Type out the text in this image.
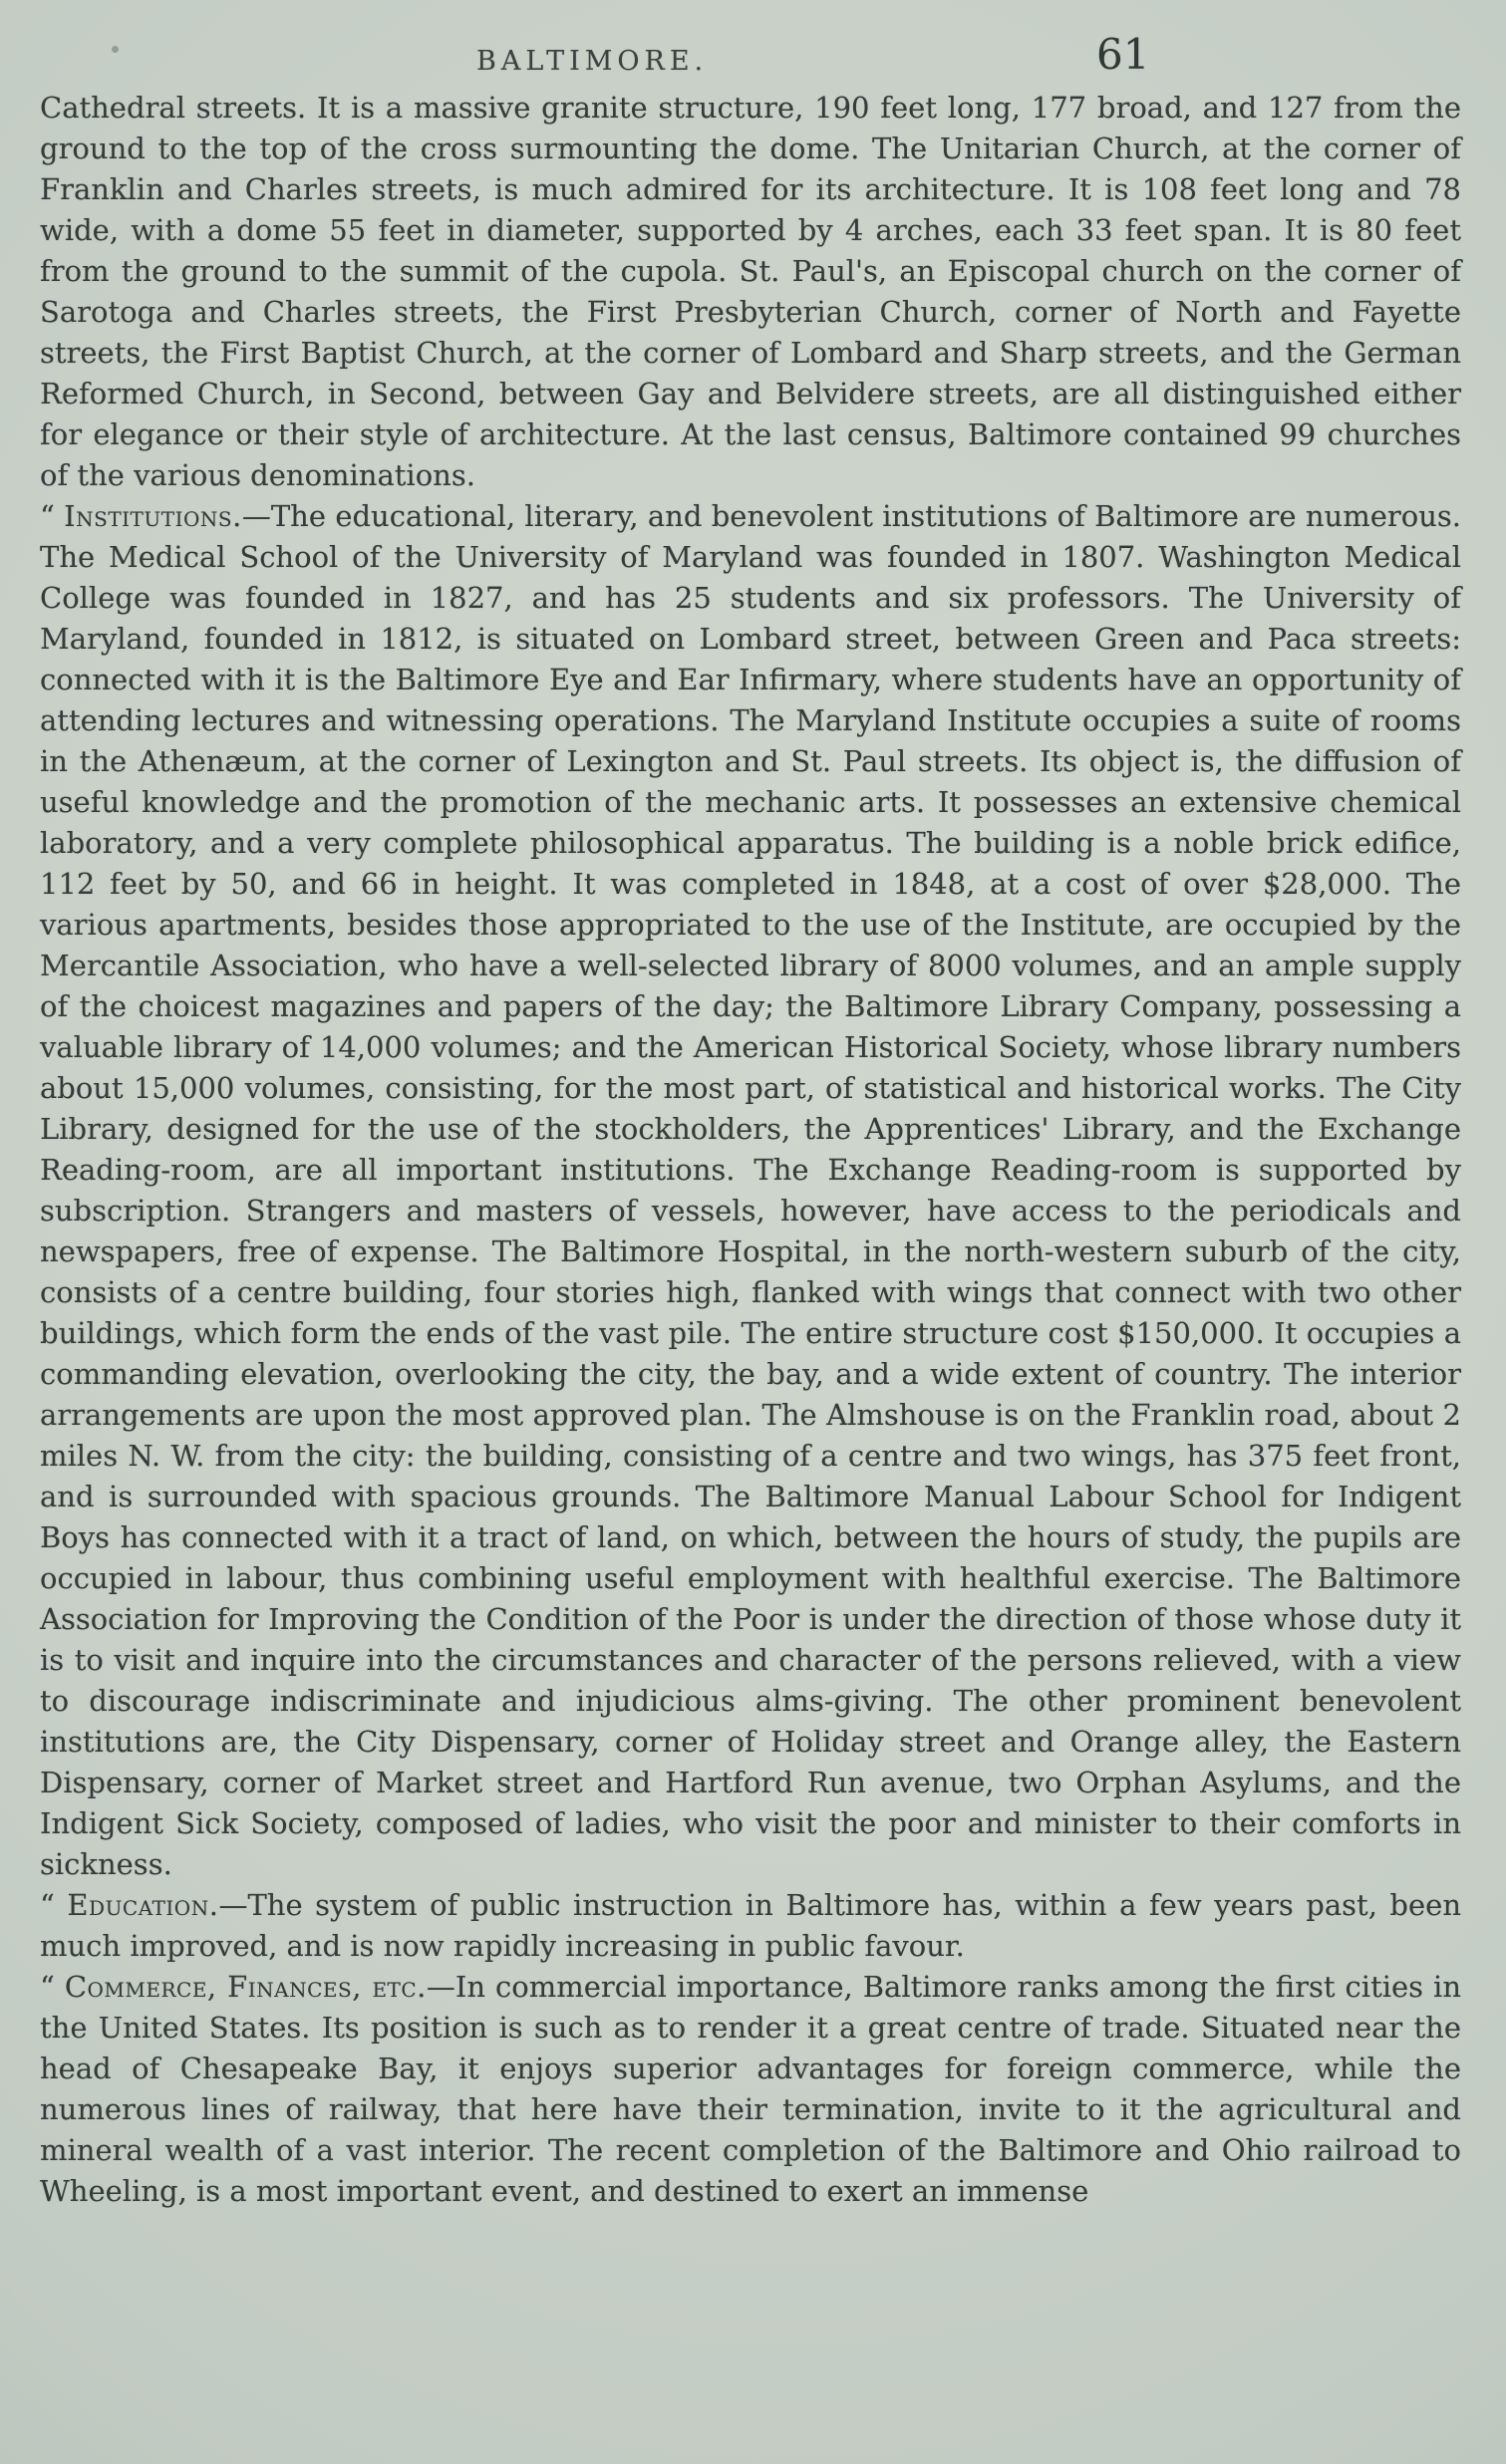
BALTIMORE.	61

Cathedral streets. It is a massive granite structure, 190 feet long, 177 broad, and 127 from the ground to the top of the cross surmounting the dome. The Unitarian Church, at the corner of Franklin and Charles streets, is much admired for its architecture. It is 108 feet long and 78 wide, with a dome 55 feet in diameter, supported by 4 arches, each 33 feet span. It is 80 feet from the ground to the summit of the cupola. St. Paul's, an Episcopal church on the corner of Sarotoga and Charles streets, the First Presbyterian Church, corner of North and Fayette streets, the First Baptist Church, at the corner of Lombard and Sharp streets, and the German Reformed Church, in Second, between Gay and Belvidere streets, are all distinguished either for elegance or their style of architecture. At the last census, Baltimore contained 99 churches of the various denominations.

“ Institutions.—The educational, literary, and benevolent institutions of Baltimore are numerous. The Medical School of the University of Maryland was founded in 1807. Washington Medical College was founded in 1827, and has 25 students and six professors. The University of Maryland, founded in 1812, is situated on Lombard street, between Green and Paca streets: connected with it is the Baltimore Eye and Ear Infirmary, where students have an opportunity of attending lectures and witnessing operations. The Maryland Institute occupies a suite of rooms in the Athenæum, at the corner of Lexington and St. Paul streets. Its object is, the diffusion of useful knowledge and the promotion of the mechanic arts. It possesses an extensive chemical laboratory, and a very complete philosophical apparatus. The building is a noble brick edifice, 112 feet by 50, and 66 in height. It was completed in 1848, at a cost of over $28,000. The various apartments, besides those appropriated to the use of the Institute, are occupied by the Mercantile Association, who have a well-selected library of 8000 volumes, and an ample supply of the choicest magazines and papers of the day; the Baltimore Library Company, possessing a valuable library of 14,000 volumes; and the American Historical Society, whose library numbers about 15,000 volumes, consisting, for the most part, of statistical and historical works. The City Library, designed for the use of the stockholders, the Apprentices' Library, and the Exchange Reading-room, are all important institutions. The Exchange Reading-room is supported by subscription. Strangers and masters of vessels, however, have access to the periodicals and newspapers, free of expense. The Baltimore Hospital, in the north-western suburb of the city, consists of a centre building, four stories high, flanked with wings that connect with two other buildings, which form the ends of the vast pile. The entire structure cost $150,000. It occupies a commanding elevation, overlooking the city, the bay, and a wide extent of country. The interior arrangements are upon the most approved plan. The Almshouse is on the Franklin road, about 2 miles N. W. from the city: the building, consisting of a centre and two wings, has 375 feet front, and is surrounded with spacious grounds. The Baltimore Manual Labour School for Indigent Boys has connected with it a tract of land, on which, between the hours of study, the pupils are occupied in labour, thus combining useful employment with healthful exercise. The Baltimore Association for Improving the Condition of the Poor is under the direction of those whose duty it is to visit and inquire into the circumstances and character of the persons relieved, with a view to discourage indiscriminate and injudicious alms-giving. The other prominent benevolent institutions are, the City Dispensary, corner of Holiday street and Orange alley, the Eastern Dispensary, corner of Market street and Hartford Run avenue, two Orphan Asylums, and the Indigent Sick Society, composed of ladies, who visit the poor and minister to their comforts in sickness.

“ Education.—The system of public instruction in Baltimore has, within a few years past, been much improved, and is now rapidly increasing in public favour.

“ Commerce, Finances, etc.—In commercial importance, Baltimore ranks among the first cities in the United States. Its position is such as to render it a great centre of trade. Situated near the head of Chesapeake Bay, it enjoys superior advantages for foreign commerce, while the numerous lines of railway, that here have their termination, invite to it the agricultural and mineral wealth of a vast interior. The recent completion of the Baltimore and Ohio railroad to Wheeling, is a most important event, and destined to exert an immense
